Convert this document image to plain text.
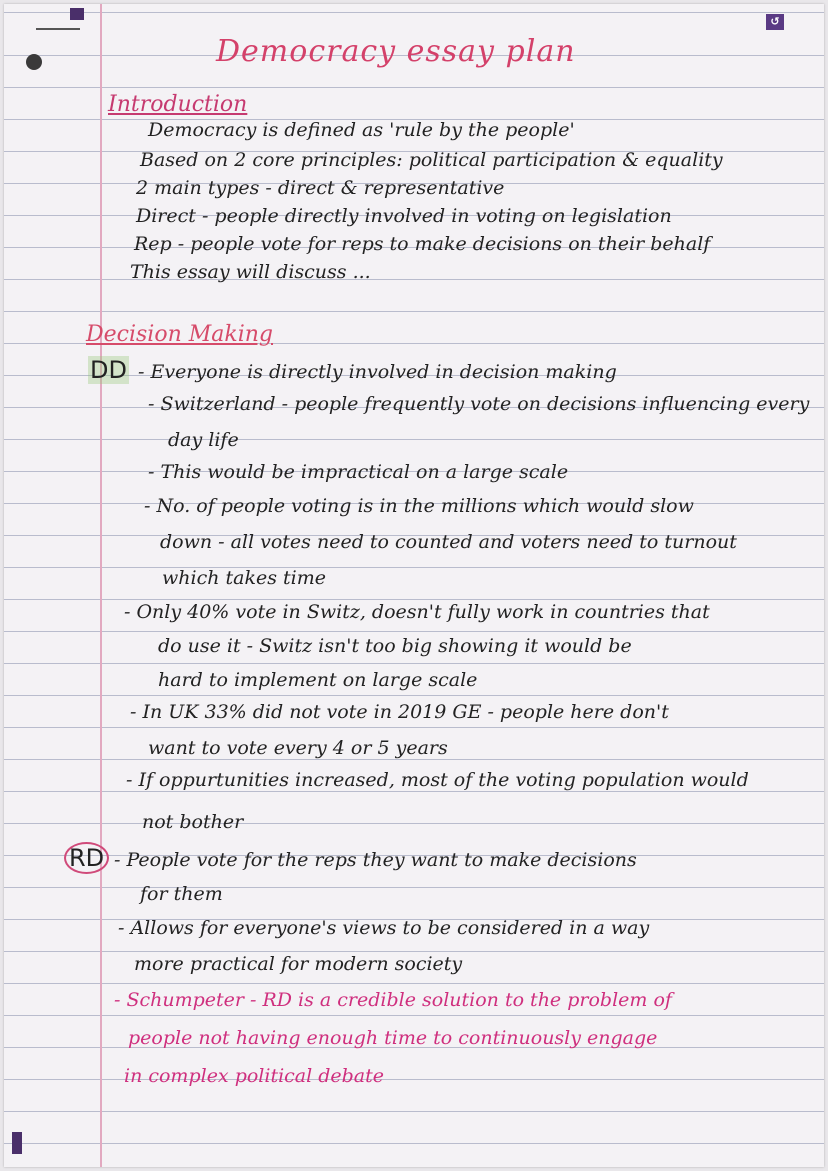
↺
Democracy essay plan
Introduction

Democracy is defined as 'rule by the people'

Based on 2 core principles: political participation & equality

2 main types - direct & representative

Direct - people directly involved in voting on legislation

Rep - people vote for reps to make decisions on their behalf

This essay will discuss ...

Decision Making

DD - Everyone is directly involved in decision making

- Switzerland - people frequently vote on decisions influencing every

day life

- This would be impractical on a large scale

- No. of people voting is in the millions which would slow

down - all votes need to counted and voters need to turnout

which takes time

- Only 40% vote in Switz, doesn't fully work in countries that

do use it - Switz isn't too big showing it would be

hard to implement on large scale

- In UK 33% did not vote in 2019 GE - people here don't

want to vote every 4 or 5 years

- If oppurtunities increased, most of the voting population would

not bother

RD - People vote for the reps they want to make decisions

for them

- Allows for everyone's views to be considered in a way

more practical for modern society

- Schumpeter - RD is a credible solution to the problem of

people not having enough time to continuously engage

in complex political debate
